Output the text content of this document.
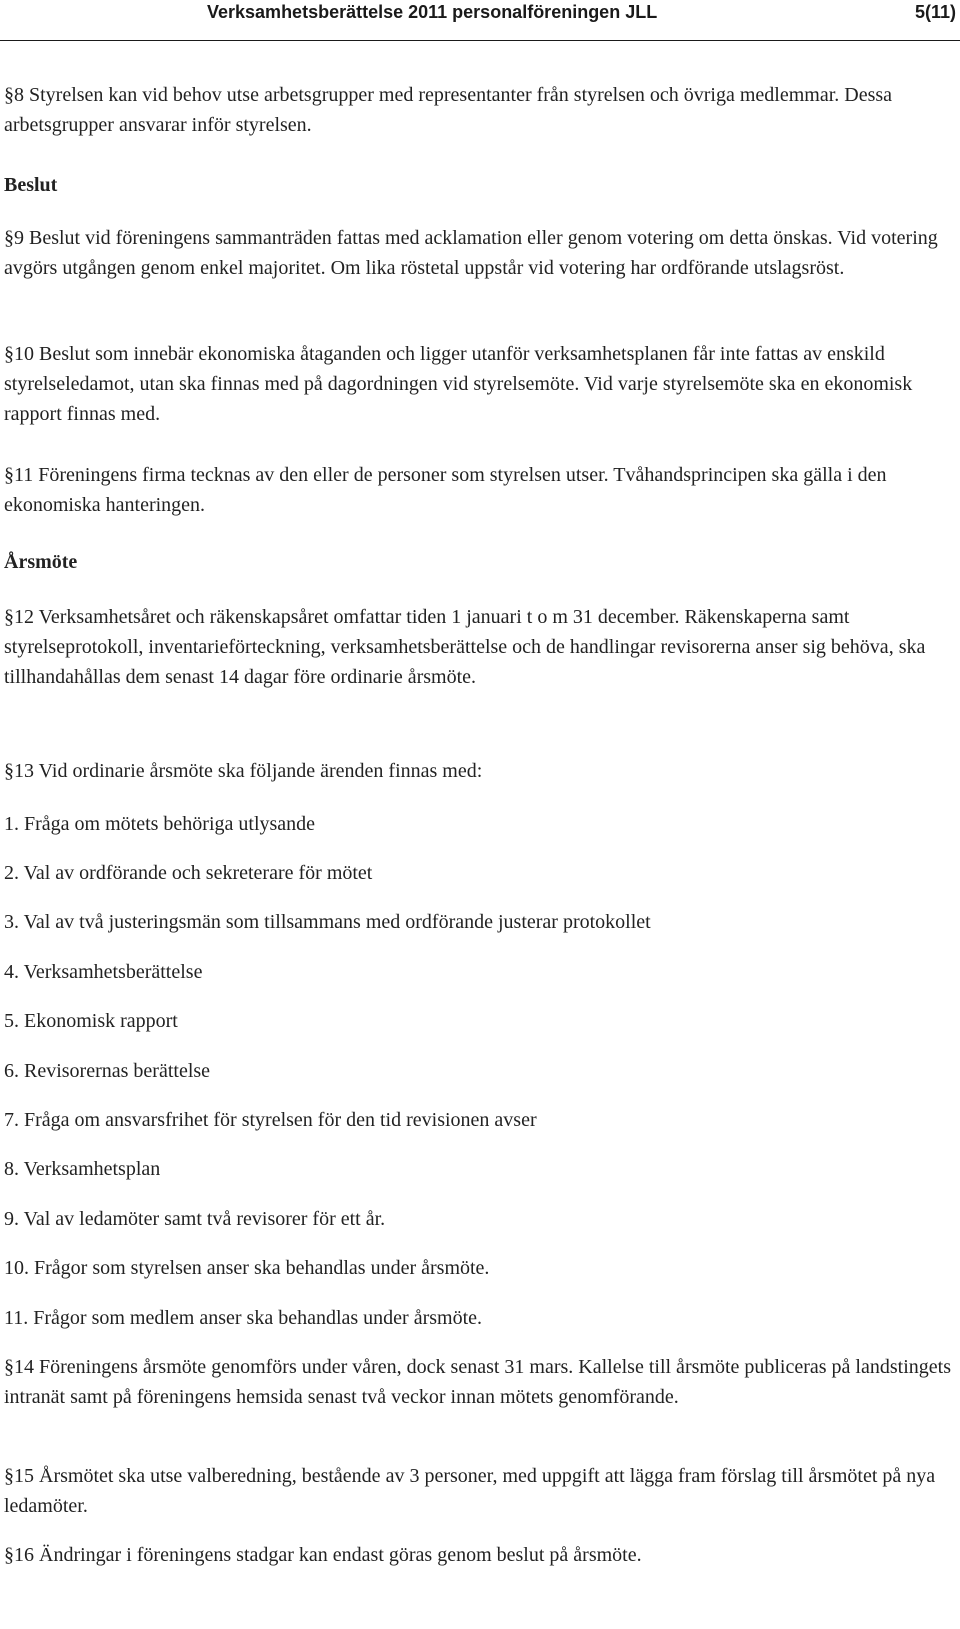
Verksamhetsberättelse 2011 personalföreningen JLL	5(11)

§8 Styrelsen kan vid behov utse arbetsgrupper med representanter från styrelsen och övriga medlemmar. Dessa arbetsgrupper ansvarar inför styrelsen.

Beslut

§9 Beslut vid föreningens sammanträden fattas med acklamation eller genom votering om detta önskas. Vid votering avgörs utgången genom enkel majoritet. Om lika röstetal uppstår vid votering har ordförande utslagsröst.

§10 Beslut som innebär ekonomiska åtaganden och ligger utanför verksamhetsplanen får inte fattas av enskild styrelseledamot, utan ska finnas med på dagordningen vid styrelsemöte. Vid varje styrelsemöte ska en ekonomisk rapport finnas med.

§11 Föreningens firma tecknas av den eller de personer som styrelsen utser. Tvåhandsprincipen ska gälla i den ekonomiska hanteringen.

Årsmöte

§12 Verksamhetsåret och räkenskapsåret omfattar tiden 1 januari t o m 31 december. Räkenskaperna samt styrelseprotokoll, inventarieförteckning, verksamhetsberättelse och de handlingar revisorerna anser sig behöva, ska tillhandahållas dem senast 14 dagar före ordinarie årsmöte.

§13 Vid ordinarie årsmöte ska följande ärenden finnas med:

1. Fråga om mötets behöriga utlysande

2. Val av ordförande och sekreterare för mötet

3. Val av två justeringsmän som tillsammans med ordförande justerar protokollet

4. Verksamhetsberättelse

5. Ekonomisk rapport

6. Revisorernas berättelse

7. Fråga om ansvarsfrihet för styrelsen för den tid revisionen avser

8. Verksamhetsplan

9. Val av ledamöter samt två revisorer för ett år.

10. Frågor som styrelsen anser ska behandlas under årsmöte.

11. Frågor som medlem anser ska behandlas under årsmöte.

§14 Föreningens årsmöte genomförs under våren, dock senast 31 mars. Kallelse till årsmöte publiceras på landstingets intranät samt på föreningens hemsida senast två veckor innan mötets genomförande.

§15 Årsmötet ska utse valberedning, bestående av 3 personer, med uppgift att lägga fram förslag till årsmötet på nya ledamöter.

§16 Ändringar i föreningens stadgar kan endast göras genom beslut på årsmöte.
